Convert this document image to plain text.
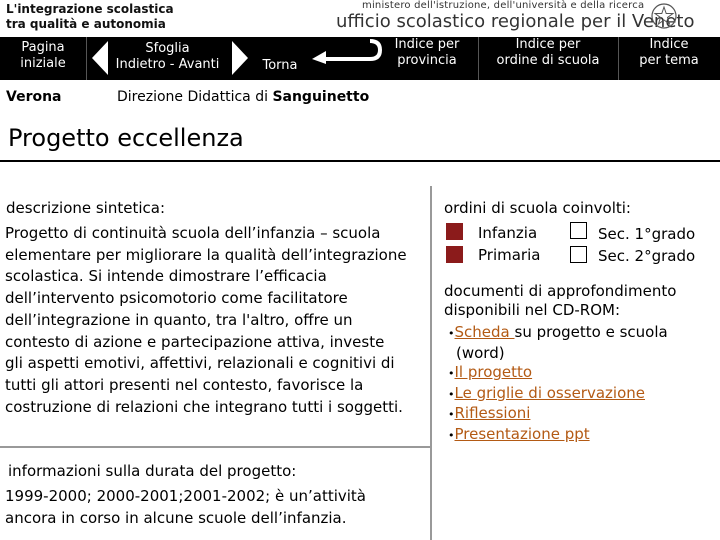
L'integrazione scolastica
tra qualità e autonomia
ministero dell'istruzione, dell'università e della ricerca
ufficio scolastico regionale per il Veneto
Pagina
iniziale
Sfoglia
Indietro - Avanti	Torna
Indice per
provincia
Indice per
ordine di scuola
Indice
per tema
Verona	Direzione Didattica di Sanguinetto
Progetto eccellenza
descrizione sintetica:
Progetto di continuità scuola dell’infanzia – scuola
elementare per migliorare la qualità dell’integrazione
scolastica. Si intende dimostrare l’efficacia
dell’intervento psicomotorio come facilitatore
dell’integrazione in quanto, tra l'altro, offre un
contesto di azione e partecipazione attiva, investe
gli aspetti emotivi, affettivi, relazionali e cognitivi di
tutti gli attori presenti nel contesto, favorisce la
costruzione di relazioni che integrano tutti i soggetti.
informazioni sulla durata del progetto:
1999-2000; 2000-2001;2001-2002; è un’attività
ancora in corso in alcune scuole dell’infanzia.
ordini di scuola coinvolti:
Infanzia
Primaria
Sec. 1°grado
Sec. 2°grado
documenti di approfondimento
disponibili nel CD-ROM:
•Scheda su progetto e scuola
(word)
•Il progetto
•Le griglie di osservazione
•Riflessioni
•Presentazione ppt
